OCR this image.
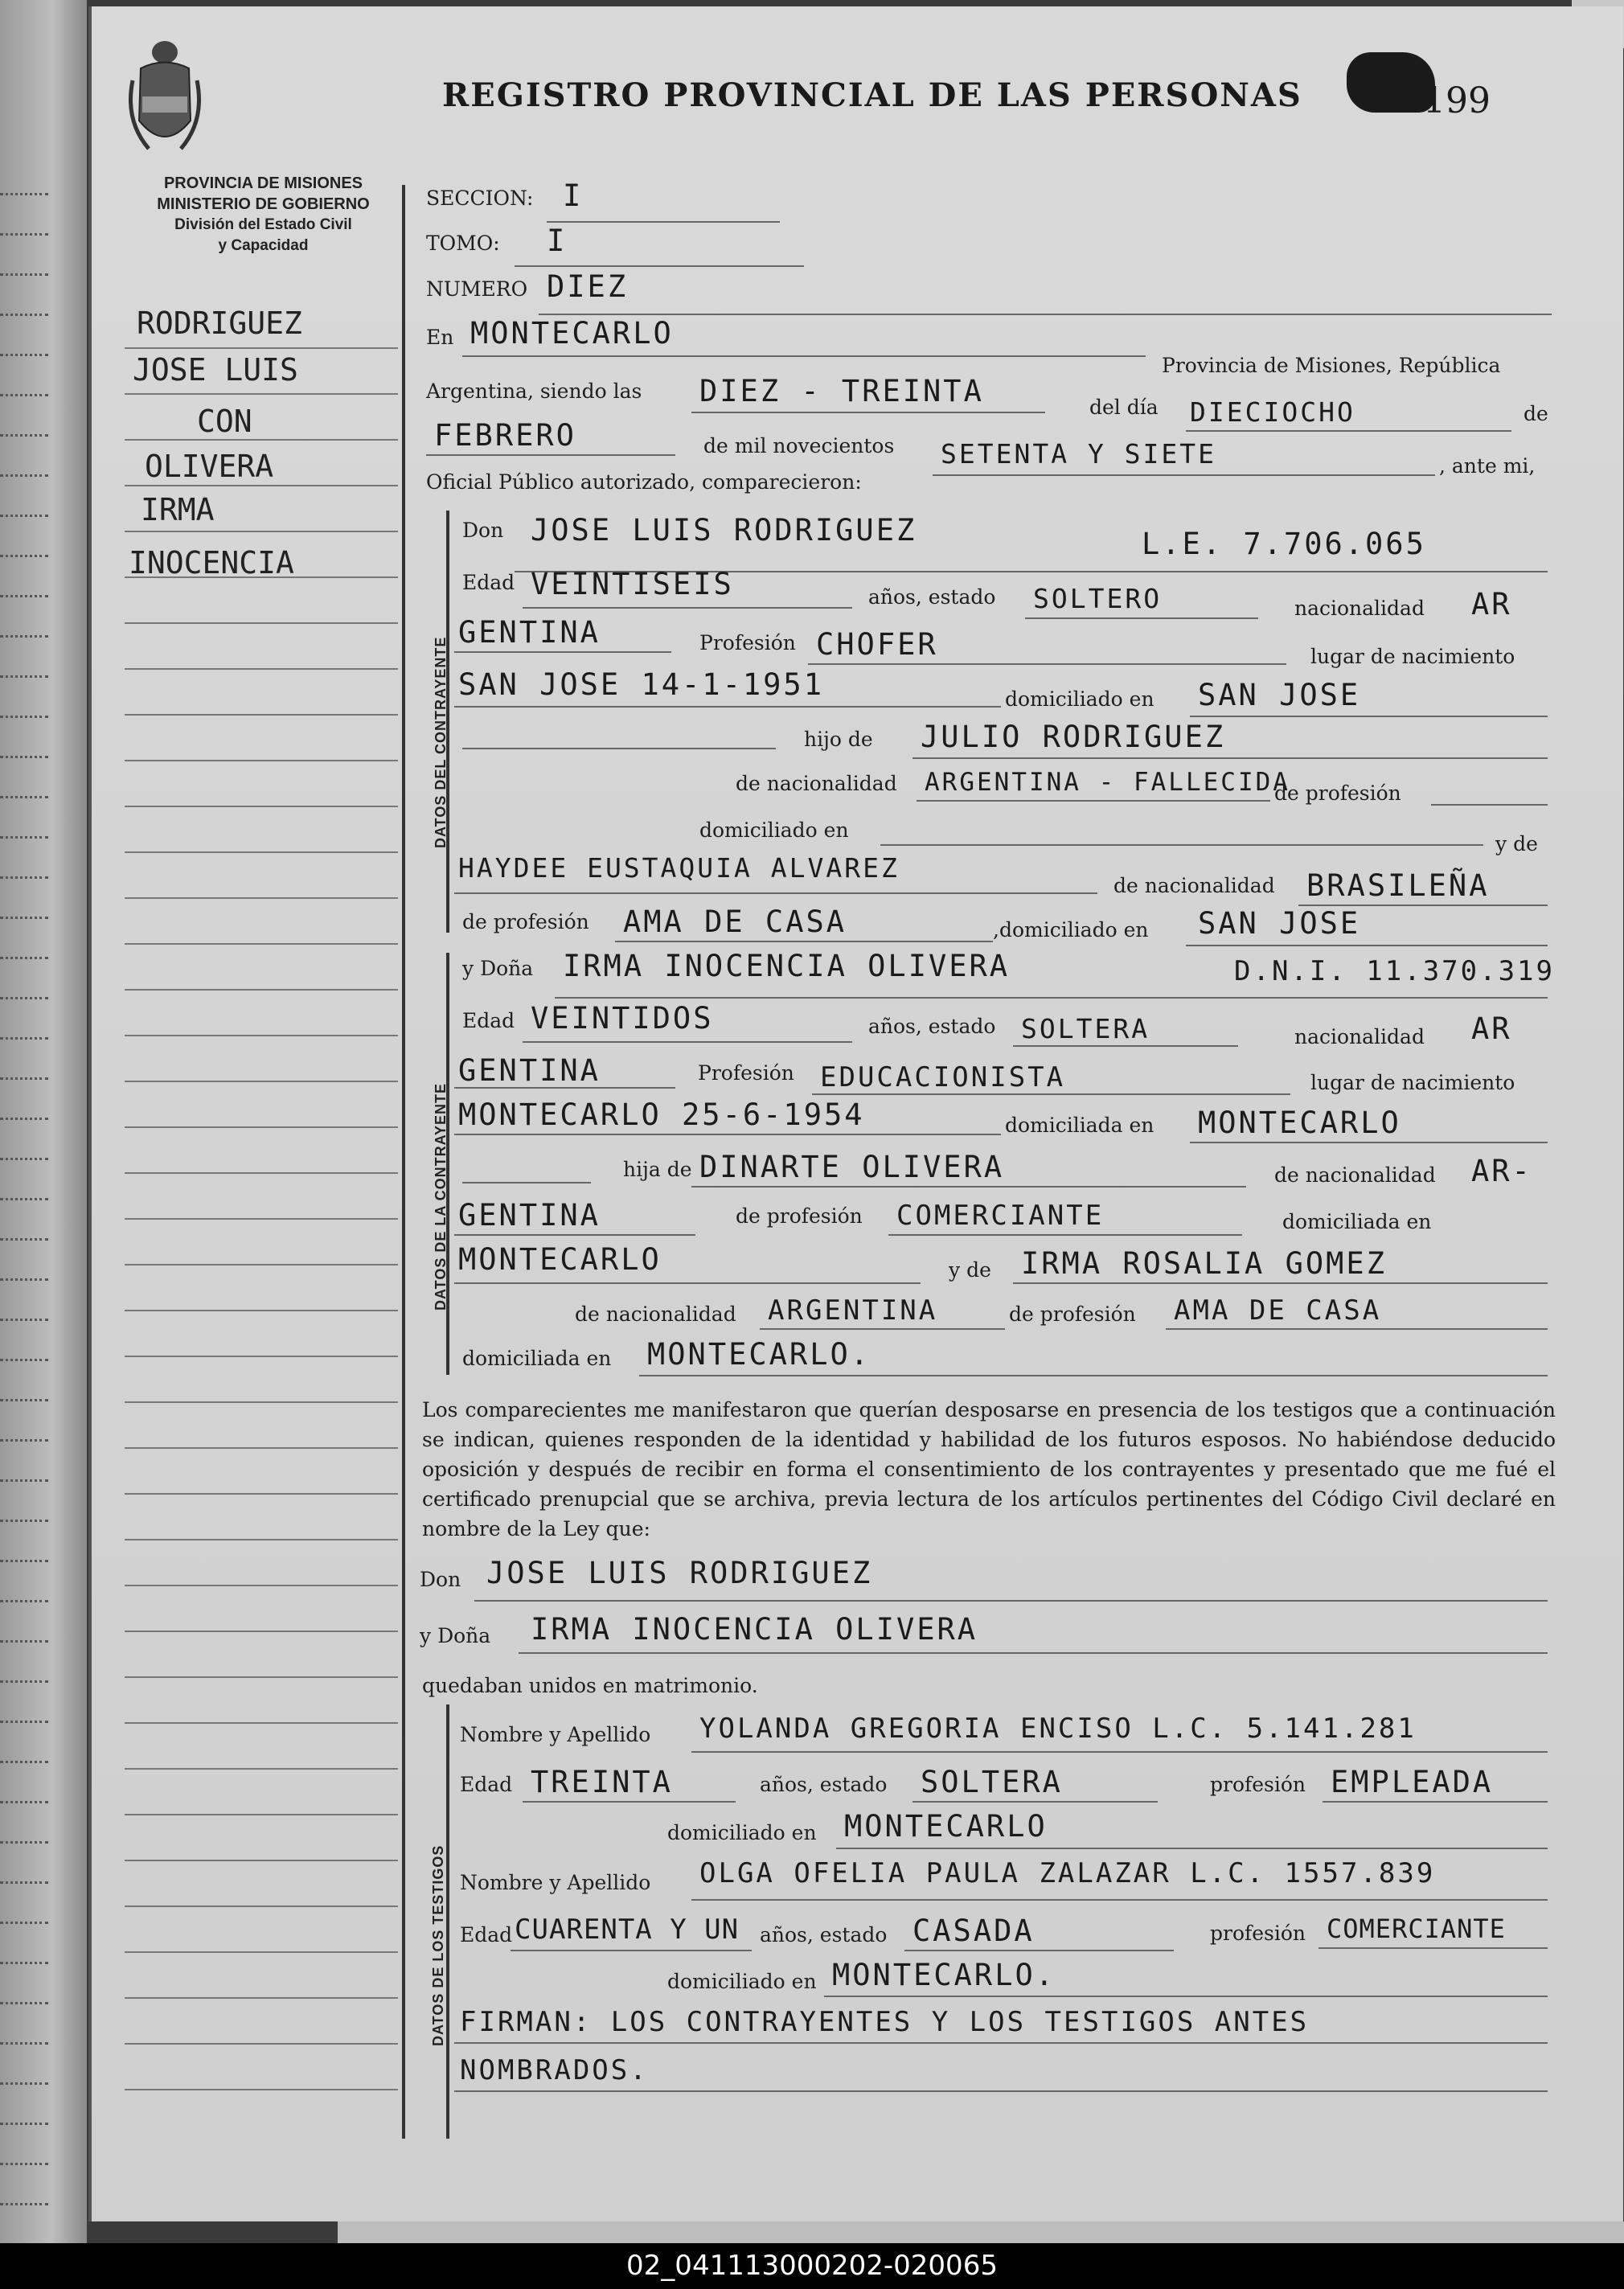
REGISTRO PROVINCIAL DE LAS PERSONAS	199
PROVINCIA DE MISIONES
MINISTERIO DE GOBIERNO
División del Estado Civil
y Capacidad
RODRIGUEZ
JOSE LUIS
CON
OLIVERA
IRMA
INOCENCIA
SECCION: I
TOMO: I
NUMERO DIEZ
En MONTECARLO
Provincia de Misiones, República
Argentina, siendo las DIEZ - TREINTA	del día DIECIOCHO	de
FEBRERO	de mil novecientos SETENTA Y SIETE	, ante mi,
Oficial Público autorizado, comparecieron:
DATOS DEL CONTRAYENTE
Don JOSE LUIS RODRIGUEZ	L.E. 7.706.065
Edad VEINTISEIS	años, estado SOLTERO	nacionalidad AR
GENTINA	Profesión CHOFER	lugar de nacimiento
SAN JOSE 14-1-1951	domiciliado en SAN JOSE
hijo de JULIO RODRIGUEZ
de nacionalidad ARGENTINA - FALLECIDA
de profesión
domiciliado en
y de
HAYDEE EUSTAQUIA ALVAREZ
de nacionalidad BRASILEÑA
de profesión AMA DE CASA	,domiciliado en SAN JOSE
DATOS DE LA CONTRAYENTE
y Doña IRMA INOCENCIA OLIVERA	D.N.I. 11.370.319
Edad VEINTIDOS	años, estado SOLTERA	nacionalidad AR
GENTINA	Profesión EDUCACIONISTA	lugar de nacimiento
MONTECARLO 25-6-1954	domiciliada en MONTECARLO
hija de DINARTE OLIVERA	de nacionalidad AR-
GENTINA	de profesión COMERCIANTE	domiciliada en
MONTECARLO	y de IRMA ROSALIA GOMEZ
de nacionalidad ARGENTINA	de profesión AMA DE CASA
domiciliada en MONTECARLO.
Los comparecientes me manifestaron que querían desposarse en presencia de los testigos que a continuación se indican, quienes responden de la identidad y habilidad de los futuros esposos. No habiéndose deducido oposición y después de recibir en forma el consentimiento de los contrayentes y presentado que me fué el certificado prenupcial que se archiva, previa lectura de los artículos pertinentes del Código Civil declaré en nombre de la Ley que:
Don JOSE LUIS RODRIGUEZ
y Doña IRMA INOCENCIA OLIVERA
quedaban unidos en matrimonio.
DATOS DE LOS TESTIGOS
Nombre y Apellido YOLANDA GREGORIA ENCISO L.C. 5.141.281
Edad TREINTA	años, estado SOLTERA	profesión EMPLEADA
domiciliado en MONTECARLO
Nombre y Apellido OLGA OFELIA PAULA ZALAZAR L.C. 1557.839
Edad CUARENTA Y UN años, estado CASADA	profesión COMERCIANTE
domiciliado en MONTECARLO.
FIRMAN: LOS CONTRAYENTES Y LOS TESTIGOS ANTES
NOMBRADOS.
02_041113000202-020065
